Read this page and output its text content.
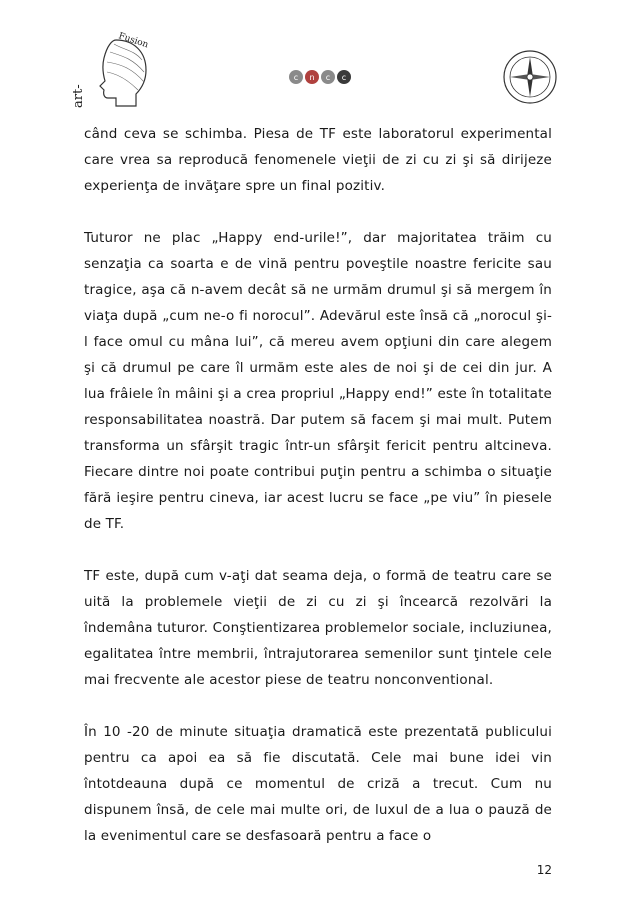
art-
Fusion
c n c c

când ceva se schimba. Piesa de TF este laboratorul experimental care vrea sa reproducă fenomenele vieţii de zi cu zi şi să dirijeze experienţa de invăţare spre un final pozitiv.

Tuturor ne plac „Happy end-urile!”, dar majoritatea trăim cu senzaţia ca soarta e de vină pentru poveştile noastre fericite sau tragice, aşa că n-avem decât să ne urmăm drumul şi să mergem în viaţa după „cum ne-o fi norocul”. Adevărul este însă că „norocul şi-l face omul cu mâna lui”, că mereu avem opţiuni din care alegem şi că drumul pe care îl urmăm este ales de noi şi de cei din jur. A lua frâiele în mâini şi a crea propriul „Happy end!” este în totalitate responsabilitatea noastră. Dar putem să facem şi mai mult. Putem transforma un sfârşit tragic într-un sfârşit fericit pentru altcineva. Fiecare dintre noi poate contribui puţin pentru a schimba o situaţie fără ieşire pentru cineva, iar acest lucru se face „pe viu” în piesele de TF.

TF este, după cum v-aţi dat seama deja, o formă de teatru care se uită la problemele vieţii de zi cu zi şi încearcă rezolvări la îndemâna tuturor. Conştientizarea problemelor sociale, incluziunea, egalitatea între membrii, întrajutorarea semenilor sunt ţintele cele mai frecvente ale acestor piese de teatru nonconventional.

În 10 -20 de minute situaţia dramatică este prezentată publicului pentru ca apoi ea să fie discutată. Cele mai bune idei vin întotdeauna după ce momentul de criză a trecut. Cum nu dispunem însă, de cele mai multe ori, de luxul de a lua o pauză de la evenimentul care se desfasoară pentru a face o

12
